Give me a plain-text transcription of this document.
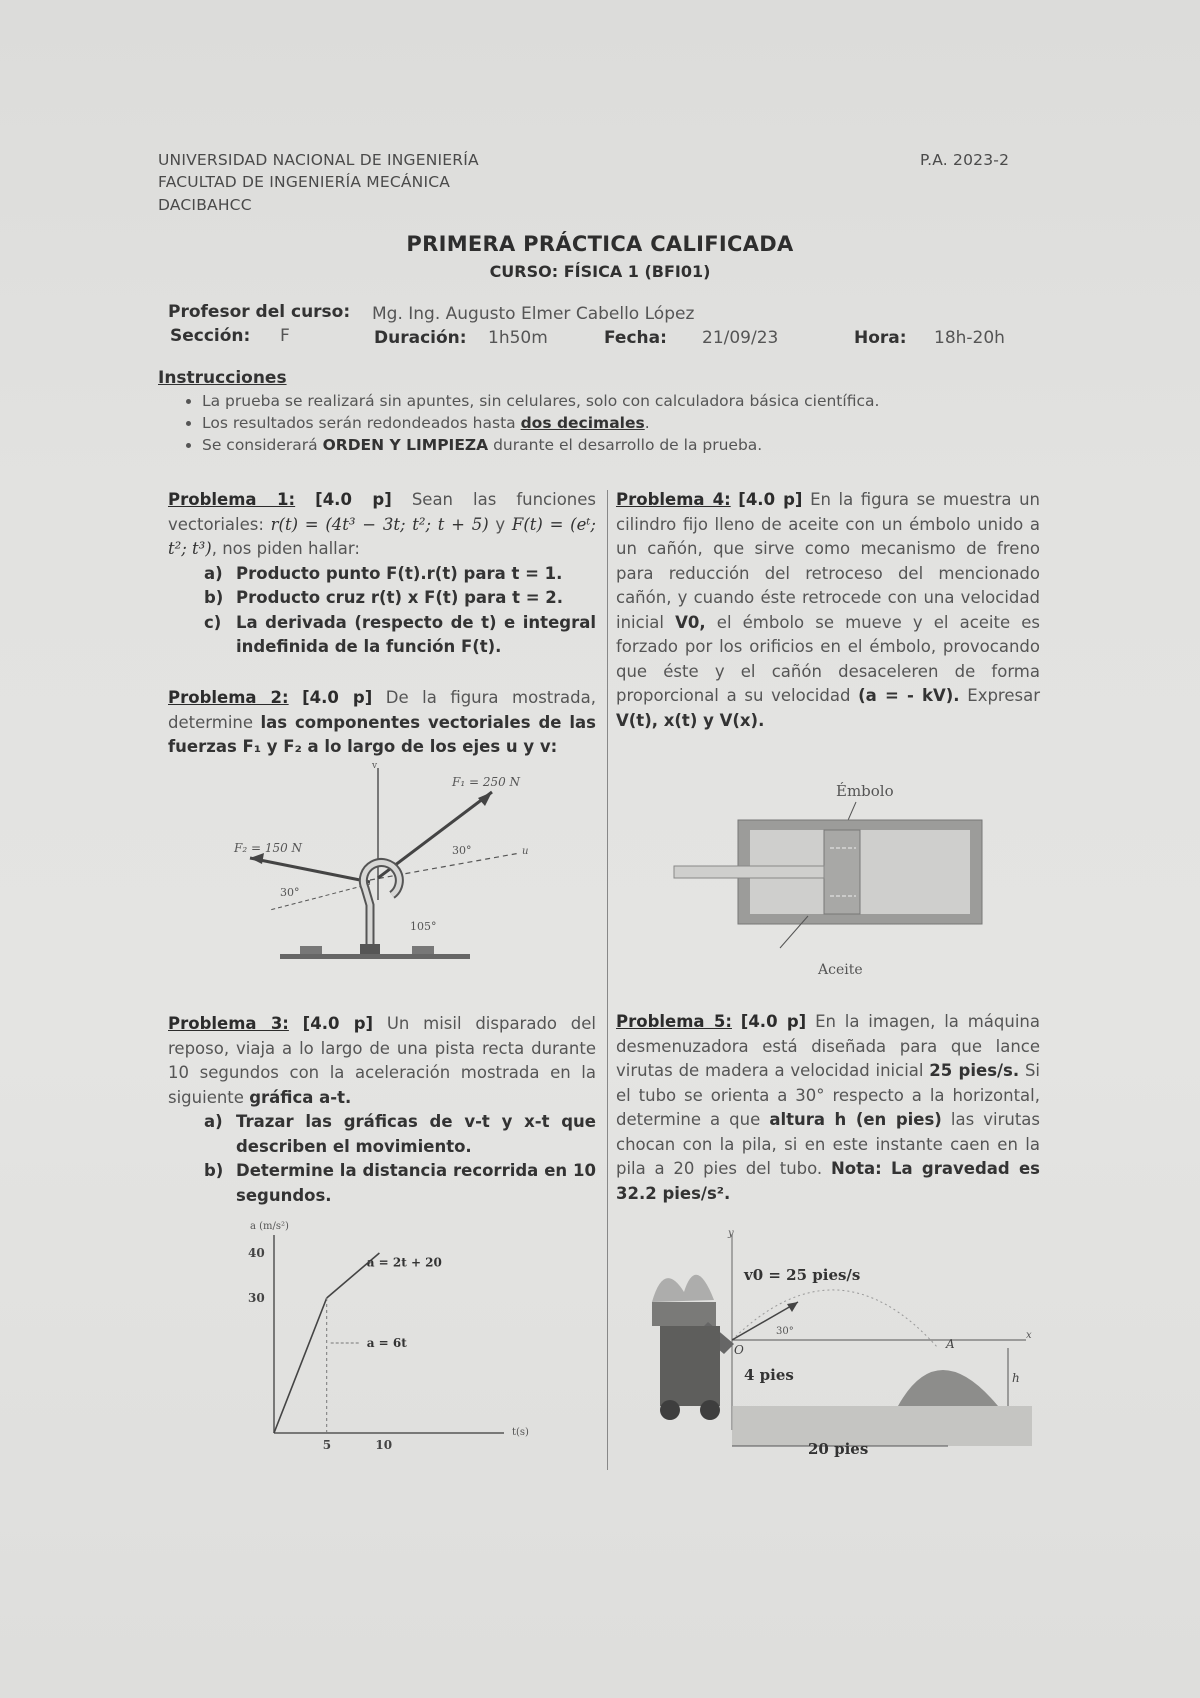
UNIVERSIDAD NACIONAL DE INGENIERÍA
FACULTAD DE INGENIERÍA MECÁNICA
DACIBAHCC
P.A. 2023-2
PRIMERA PRÁCTICA CALIFICADA
CURSO: FÍSICA 1 (BFI01)
Profesor del curso: Mg. Ing. Augusto Elmer Cabello López
Sección: F	Duración: 1h50m	Fecha: 21/09/23	Hora: 18h-20h
Instrucciones
• La prueba se realizará sin apuntes, sin celulares, solo con calculadora básica científica.
• Los resultados serán redondeados hasta dos decimales.
• Se considerará ORDEN Y LIMPIEZA durante el desarrollo de la prueba.
Problema 1: [4.0 p] Sean las funciones vectoriales: r(t) = (4t³ − 3t; t²; t + 5) y F(t) = (eᵗ; t²; t³), nos piden hallar:
a) Producto punto F(t).r(t) para t = 1.
b) Producto cruz r(t) x F(t) para t = 2.
c) La derivada (respecto de t) e integral indefinida de la función F(t).
Problema 2: [4.0 p] De la figura mostrada, determine las componentes vectoriales de las fuerzas F₁ y F₂ a lo largo de los ejes u y v:
v
u
F₁ = 250 N
F₂ = 150 N
30°
30°
105°
Problema 3: [4.0 p] Un misil disparado del reposo, viaja a lo largo de una pista recta durante 10 segundos con la aceleración mostrada en la siguiente gráfica a-t.
a) Trazar las gráficas de v-t y x-t que describen el movimiento.
b) Determine la distancia recorrida en 10 segundos.
a (m/s²)
t(s)
30
40
5	10
a = 6t
a = 2t + 20
Problema 4: [4.0 p] En la figura se muestra un cilindro fijo lleno de aceite con un émbolo unido a un cañón, que sirve como mecanismo de freno para reducción del retroceso del mencionado cañón, y cuando éste retrocede con una velocidad inicial V0, el émbolo se mueve y el aceite es forzado por los orificios en el émbolo, provocando que éste y el cañón desaceleren de forma proporcional a su velocidad (a = - kV). Expresar V(t), x(t) y V(x).
Émbolo
Aceite
Problema 5: [4.0 p] En la imagen, la máquina desmenuzadora está diseñada para que lance virutas de madera a velocidad inicial 25 pies/s. Si el tubo se orienta a 30° respecto a la horizontal, determine a que altura h (en pies) las virutas chocan con la pila, si en este instante caen en la pila a 20 pies del tubo. Nota: La gravedad es 32.2 pies/s².
y
x
v0 = 25 pies/s
30°
O	A
4 pies	h
20 pies
